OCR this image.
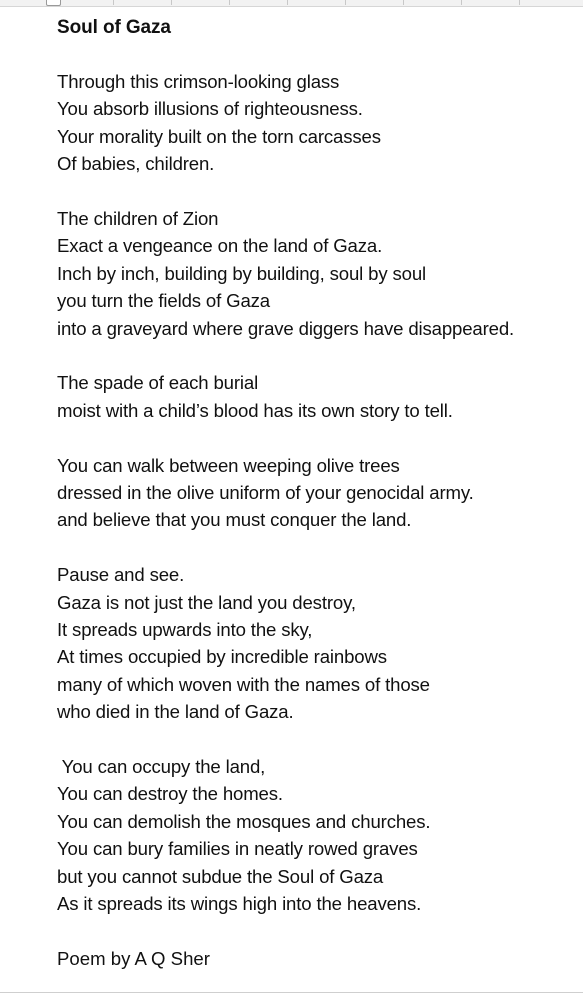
Soul of Gaza
Through this crimson-looking glass
You absorb illusions of righteousness.
Your morality built on the torn carcasses
Of babies, children.
The children of Zion
Exact a vengeance on the land of Gaza.
Inch by inch, building by building, soul by soul
you turn the fields of Gaza
into a graveyard where grave diggers have disappeared.
The spade of each burial
moist with a child’s blood has its own story to tell.
You can walk between weeping olive trees
dressed in the olive uniform of your genocidal army.
and believe that you must conquer the land.
Pause and see.
Gaza is not just the land you destroy,
It spreads upwards into the sky,
At times occupied by incredible rainbows
many of which woven with the names of those
who died in the land of Gaza.
You can occupy the land,
You can destroy the homes.
You can demolish the mosques and churches.
You can bury families in neatly rowed graves
but you cannot subdue the Soul of Gaza
As it spreads its wings high into the heavens.
Poem by A Q Sher
